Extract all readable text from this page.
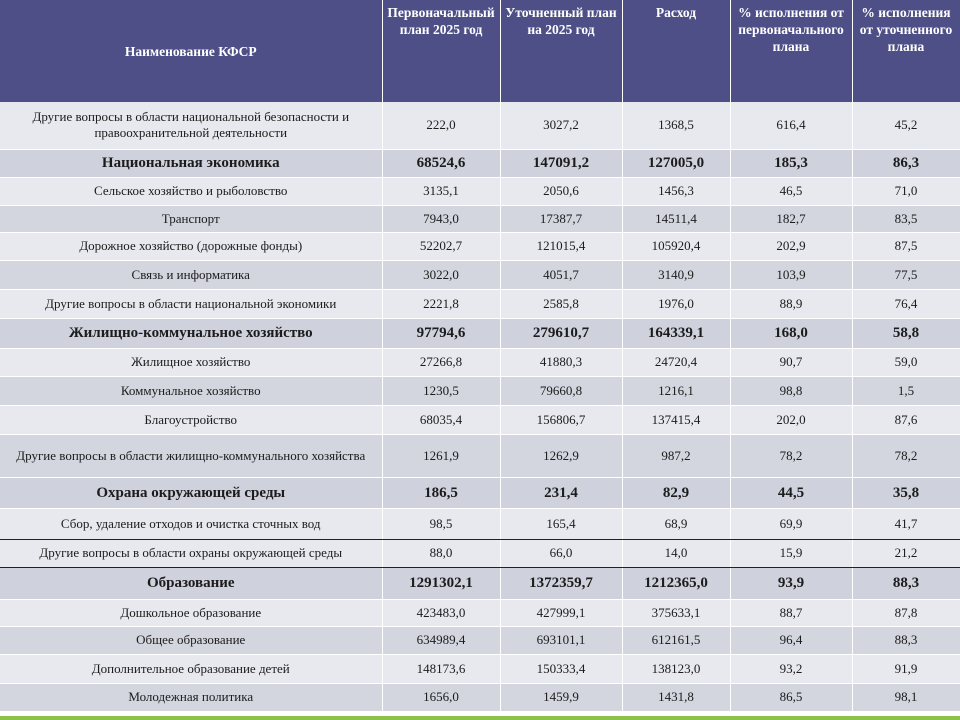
Наименование КФСР	Первоначальный план 2025 год	Уточненный план на 2025 год	Расход	% исполнения от первоначального плана	% исполнения от уточненного плана
Другие вопросы в области национальной безопасности и правоохранительной деятельности	222,0	3027,2	1368,5	616,4	45,2
Национальная экономика	68524,6	147091,2	127005,0	185,3	86,3
Сельское хозяйство и рыболовство	3135,1	2050,6	1456,3	46,5	71,0
Транспорт	7943,0	17387,7	14511,4	182,7	83,5
Дорожное хозяйство (дорожные фонды)	52202,7	121015,4	105920,4	202,9	87,5
Связь и информатика	3022,0	4051,7	3140,9	103,9	77,5
Другие вопросы в области национальной экономики	2221,8	2585,8	1976,0	88,9	76,4
Жилищно-коммунальное хозяйство	97794,6	279610,7	164339,1	168,0	58,8
Жилищное хозяйство	27266,8	41880,3	24720,4	90,7	59,0
Коммунальное хозяйство	1230,5	79660,8	1216,1	98,8	1,5
Благоустройство	68035,4	156806,7	137415,4	202,0	87,6
Другие вопросы в области жилищно-коммунального хозяйства	1261,9	1262,9	987,2	78,2	78,2
Охрана окружающей среды	186,5	231,4	82,9	44,5	35,8
Сбор, удаление отходов и очистка сточных вод	98,5	165,4	68,9	69,9	41,7
Другие вопросы в области охраны окружающей среды	88,0	66,0	14,0	15,9	21,2
Образование	1291302,1	1372359,7	1212365,0	93,9	88,3
Дошкольное образование	423483,0	427999,1	375633,1	88,7	87,8
Общее образование	634989,4	693101,1	612161,5	96,4	88,3
Дополнительное образование детей	148173,6	150333,4	138123,0	93,2	91,9
Молодежная политика	1656,0	1459,9	1431,8	86,5	98,1
